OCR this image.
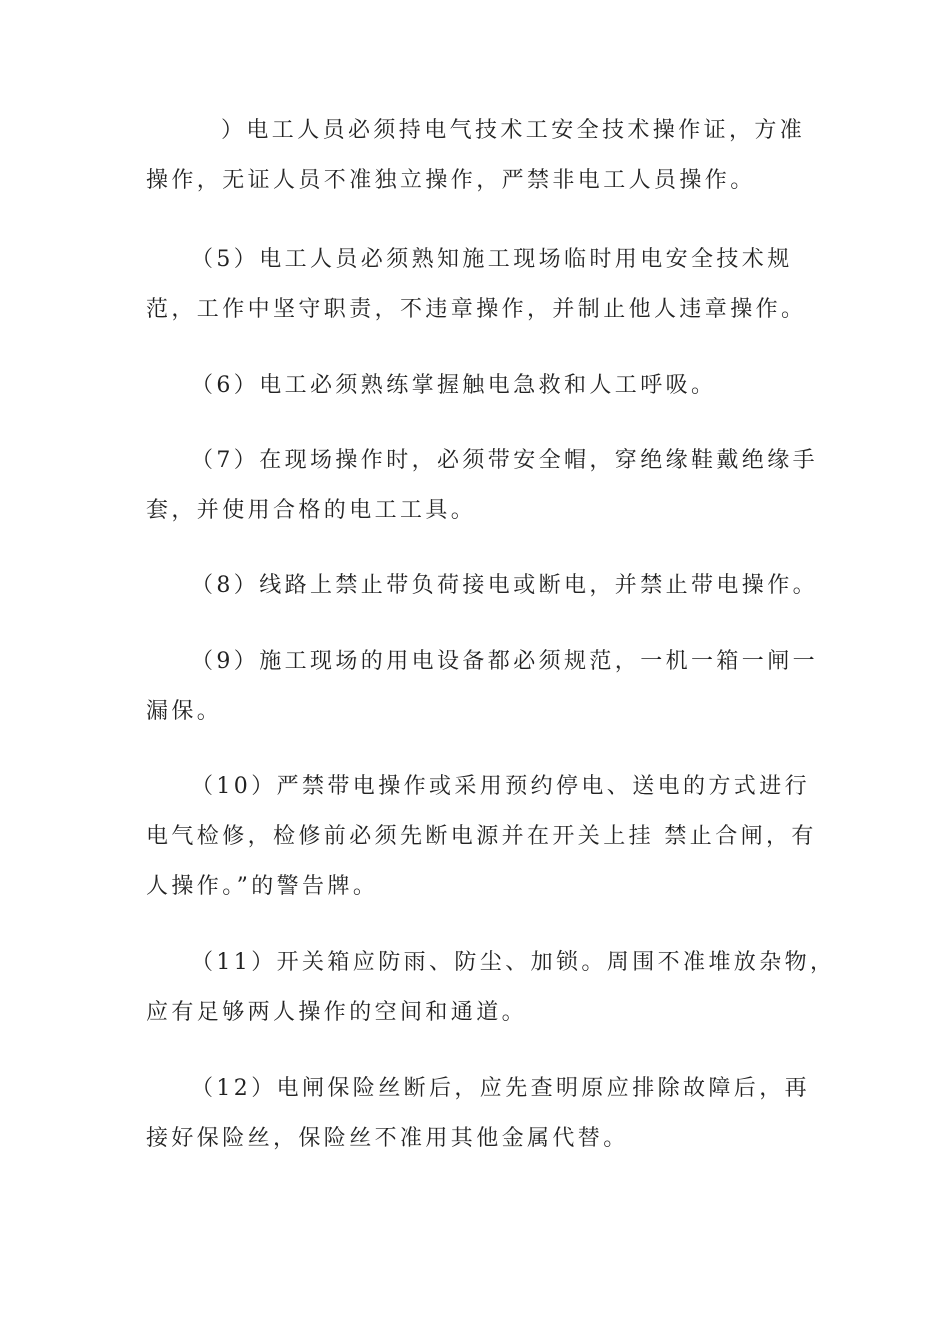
）电工人员必须持电气技术工安全技术操作证，方准
操作，无证人员不准独立操作，严禁非电工人员操作。
（5）电工人员必须熟知施工现场临时用电安全技术规
范，工作中坚守职责，不违章操作，并制止他人违章操作。
（6）电工必须熟练掌握触电急救和人工呼吸。
（7）在现场操作时，必须带安全帽，穿绝缘鞋戴绝缘手
套，并使用合格的电工工具。
（8）线路上禁止带负荷接电或断电，并禁止带电操作。
（9）施工现场的用电设备都必须规范，一机一箱一闸一
漏保。
（10）严禁带电操作或采用预约停电、送电的方式进行
电气检修，检修前必须先断电源并在开关上挂 禁止合闸，有
人操作。”的警告牌。
（11）开关箱应防雨、防尘、加锁。周围不准堆放杂物，
应有足够两人操作的空间和通道。
（12）电闸保险丝断后，应先查明原应排除故障后，再
接好保险丝，保险丝不准用其他金属代替。
